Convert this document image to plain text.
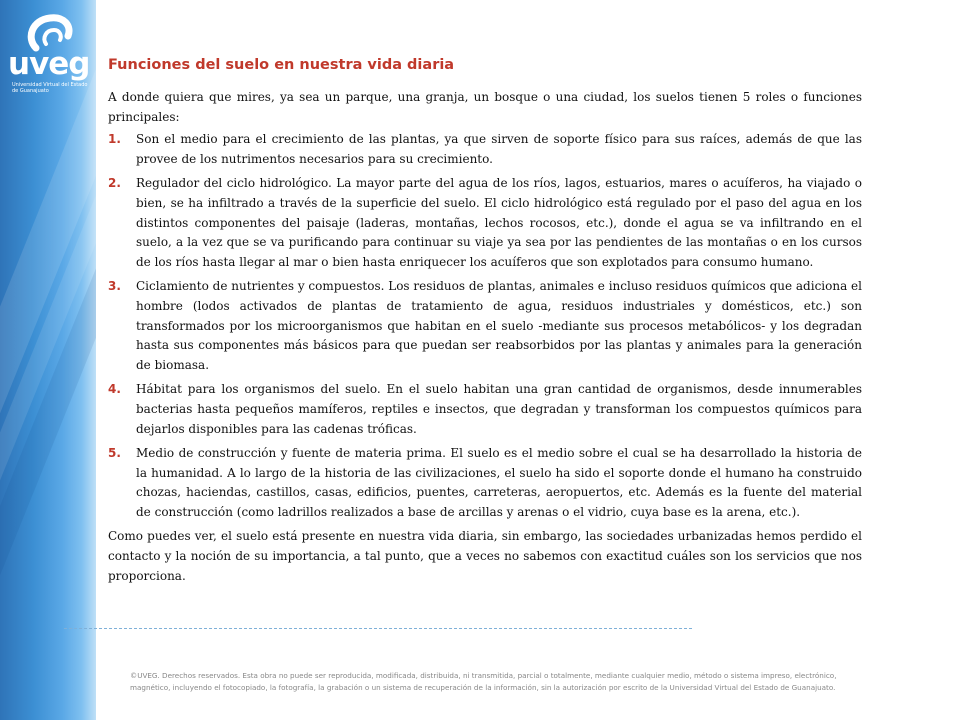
uveg
Universidad Virtual del Estado de Guanajuato
Funciones del suelo en nuestra vida diaria

A donde quiera que mires, ya sea un parque, una granja, un bosque o una ciudad, los suelos tienen 5 roles o funciones principales:

1. Son el medio para el crecimiento de las plantas, ya que sirven de soporte físico para sus raíces, además de que las provee de los nutrimentos necesarios para su crecimiento.
2. Regulador del ciclo hidrológico. La mayor parte del agua de los ríos, lagos, estuarios, mares o acuíferos, ha viajado o bien, se ha infiltrado a través de la superficie del suelo. El ciclo hidrológico está regulado por el paso del agua en los distintos componentes del paisaje (laderas, montañas, lechos rocosos, etc.), donde el agua se va infiltrando en el suelo, a la vez que se va purificando para continuar su viaje ya sea por las pendientes de las montañas o en los cursos de los ríos hasta llegar al mar o bien hasta enriquecer los acuíferos que son explotados para consumo humano.
3. Ciclamiento de nutrientes y compuestos. Los residuos de plantas, animales e incluso residuos químicos que adiciona el hombre (lodos activados de plantas de tratamiento de agua, residuos industriales y domésticos, etc.) son transformados por los microorganismos que habitan en el suelo -mediante sus procesos metabólicos- y los degradan hasta sus componentes más básicos para que puedan ser reabsorbidos por las plantas y animales para la generación de biomasa.
4. Hábitat para los organismos del suelo. En el suelo habitan una gran cantidad de organismos, desde innumerables bacterias hasta pequeños mamíferos, reptiles e insectos, que degradan y transforman los compuestos químicos para dejarlos disponibles para las cadenas tróficas.
5. Medio de construcción y fuente de materia prima. El suelo es el medio sobre el cual se ha desarrollado la historia de la humanidad. A lo largo de la historia de las civilizaciones, el suelo ha sido el soporte donde el humano ha construido chozas, haciendas, castillos, casas, edificios, puentes, carreteras, aeropuertos, etc. Además es la fuente del material de construcción (como ladrillos realizados a base de arcillas y arenas o el vidrio, cuya base es la arena, etc.).

Como puedes ver, el suelo está presente en nuestra vida diaria, sin embargo, las sociedades urbanizadas hemos perdido el contacto y la noción de su importancia, a tal punto, que a veces no sabemos con exactitud cuáles son los servicios que nos proporciona.

©UVEG. Derechos reservados. Esta obra no puede ser reproducida, modificada, distribuida, ni transmitida, parcial o totalmente, mediante cualquier medio, método o sistema impreso, electrónico, magnético, incluyendo el fotocopiado, la fotografía, la grabación o un sistema de recuperación de la información, sin la autorización por escrito de la Universidad Virtual del Estado de Guanajuato.
